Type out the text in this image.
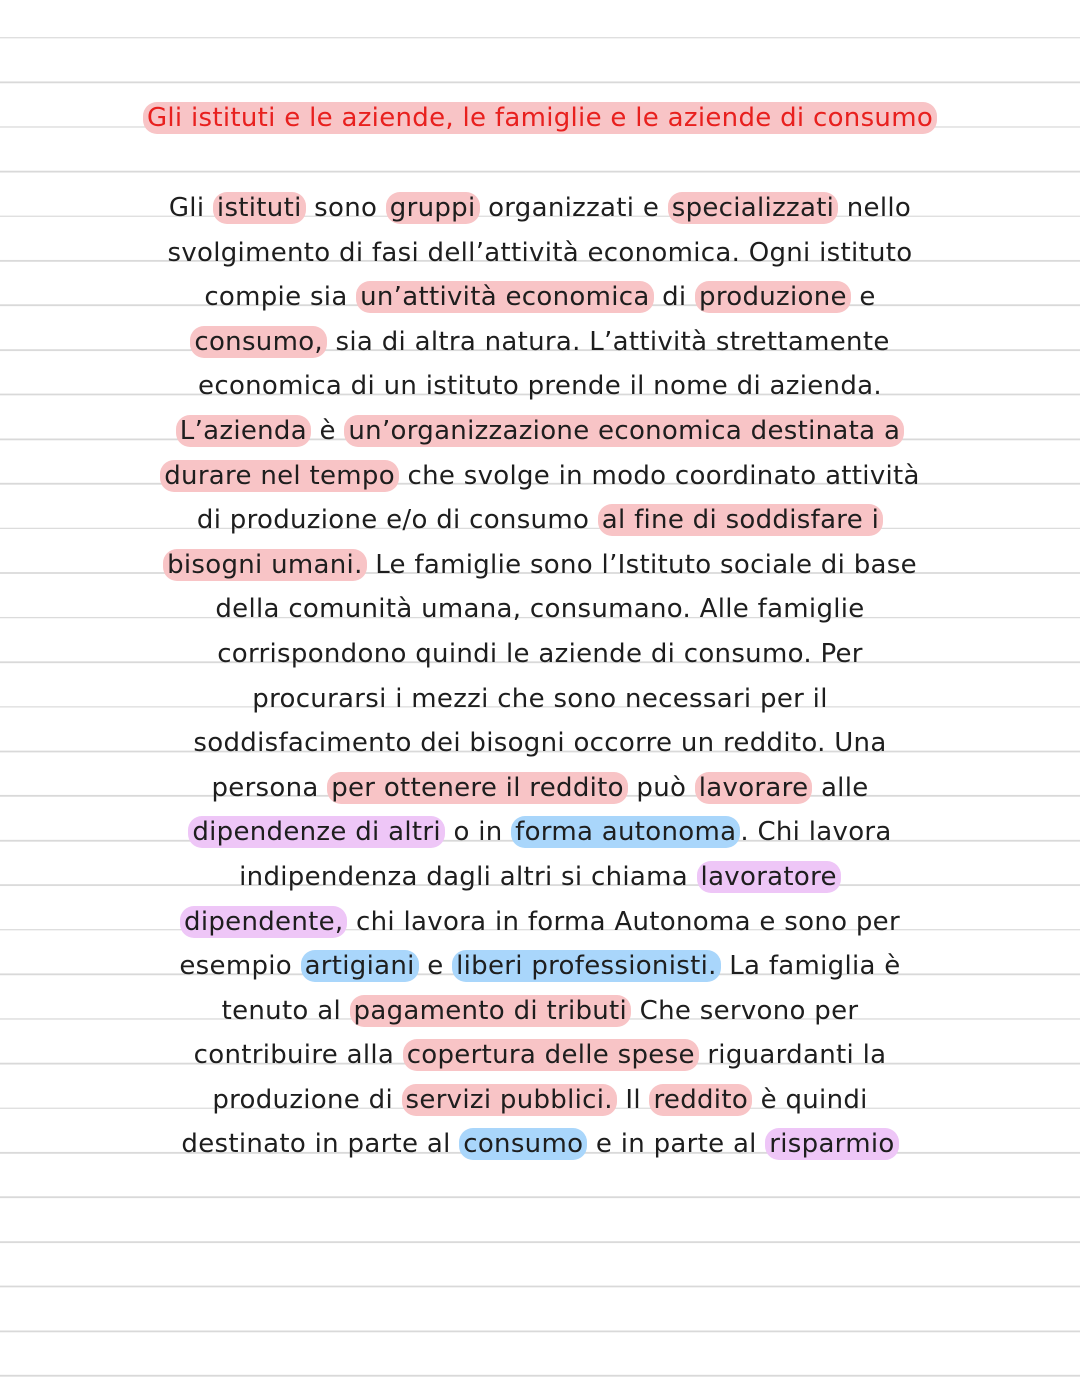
Gli istituti e le aziende, le famiglie e le aziende di consumo
Gli istituti sono gruppi organizzati e specializzati nello
svolgimento di fasi dell’attività economica. Ogni istituto
compie sia un’attività economica di produzione e
consumo, sia di altra natura. L’attività strettamente
economica di un istituto prende il nome di azienda.
L’azienda è un’organizzazione economica destinata a
durare nel tempo che svolge in modo coordinato attività
di produzione e/o di consumo al fine di soddisfare i
bisogni umani. Le famiglie sono l’Istituto sociale di base
della comunità umana, consumano. Alle famiglie
corrispondono quindi le aziende di consumo. Per
procurarsi i mezzi che sono necessari per il
soddisfacimento dei bisogni occorre un reddito. Una
persona per ottenere il reddito può lavorare alle
dipendenze di altri o in forma autonoma . Chi lavora
indipendenza dagli altri si chiama lavoratore
dipendente, chi lavora in forma Autonoma e sono per
esempio artigiani e liberi professionisti. La famiglia è
tenuto al pagamento di tributi Che servono per
contribuire alla copertura delle spese riguardanti la
produzione di servizi pubblici. Il reddito è quindi
destinato in parte al consumo e in parte al risparmio
